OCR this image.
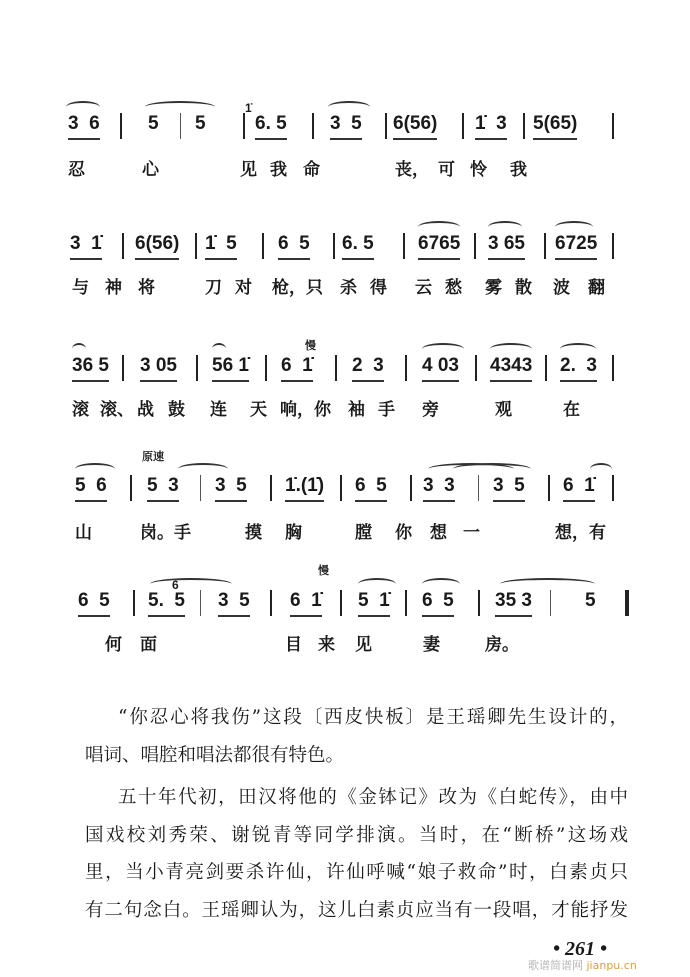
3  6	5 5	6. 5 3  5 6(56) 1̇  3 5(65)
忍	心	见 我 命	丧， 可 怜 我
1̇
3  1̇ 6(56) 1̇  5 6  5 6. 5 6765 3 65 6725
与 神 将	刀 对 枪，只 杀 得 云 愁 雾 散 波 翻
36 5 3 05 56 1̇ 6  1̇ 2  3 4 03 4343 2.  3
滚 滚、 战 鼓 连 天 响，你 袖 手 旁	观	在
慢
5  6 5  3 3  5 1̇.(1̇) 6  5 3  3 3  5 6  1̇
山	岗。手	摸 胸	膛 你 想 一	想，有
原速
6  5 5.  5 3  5 6  1̇ 5  1̇ 6  5 35 3	5
何 面	目 来 见	妻	房。
慢
6
“你忍心将我伤”这段〔西皮快板〕是王瑶卿先生设计的，
唱词、唱腔和唱法都很有特色。
五十年代初，田汉将他的《金钵记》改为《白蛇传》，由中
国戏校刘秀荣、谢锐青等同学排演。当时，在“断桥”这场戏
里，当小青亮剑要杀许仙，许仙呼喊“娘子救命”时，白素贞只
有二句念白。王瑶卿认为，这儿白素贞应当有一段唱，才能抒发
• 261 •
歌谱简谱网 jianpu.cn
